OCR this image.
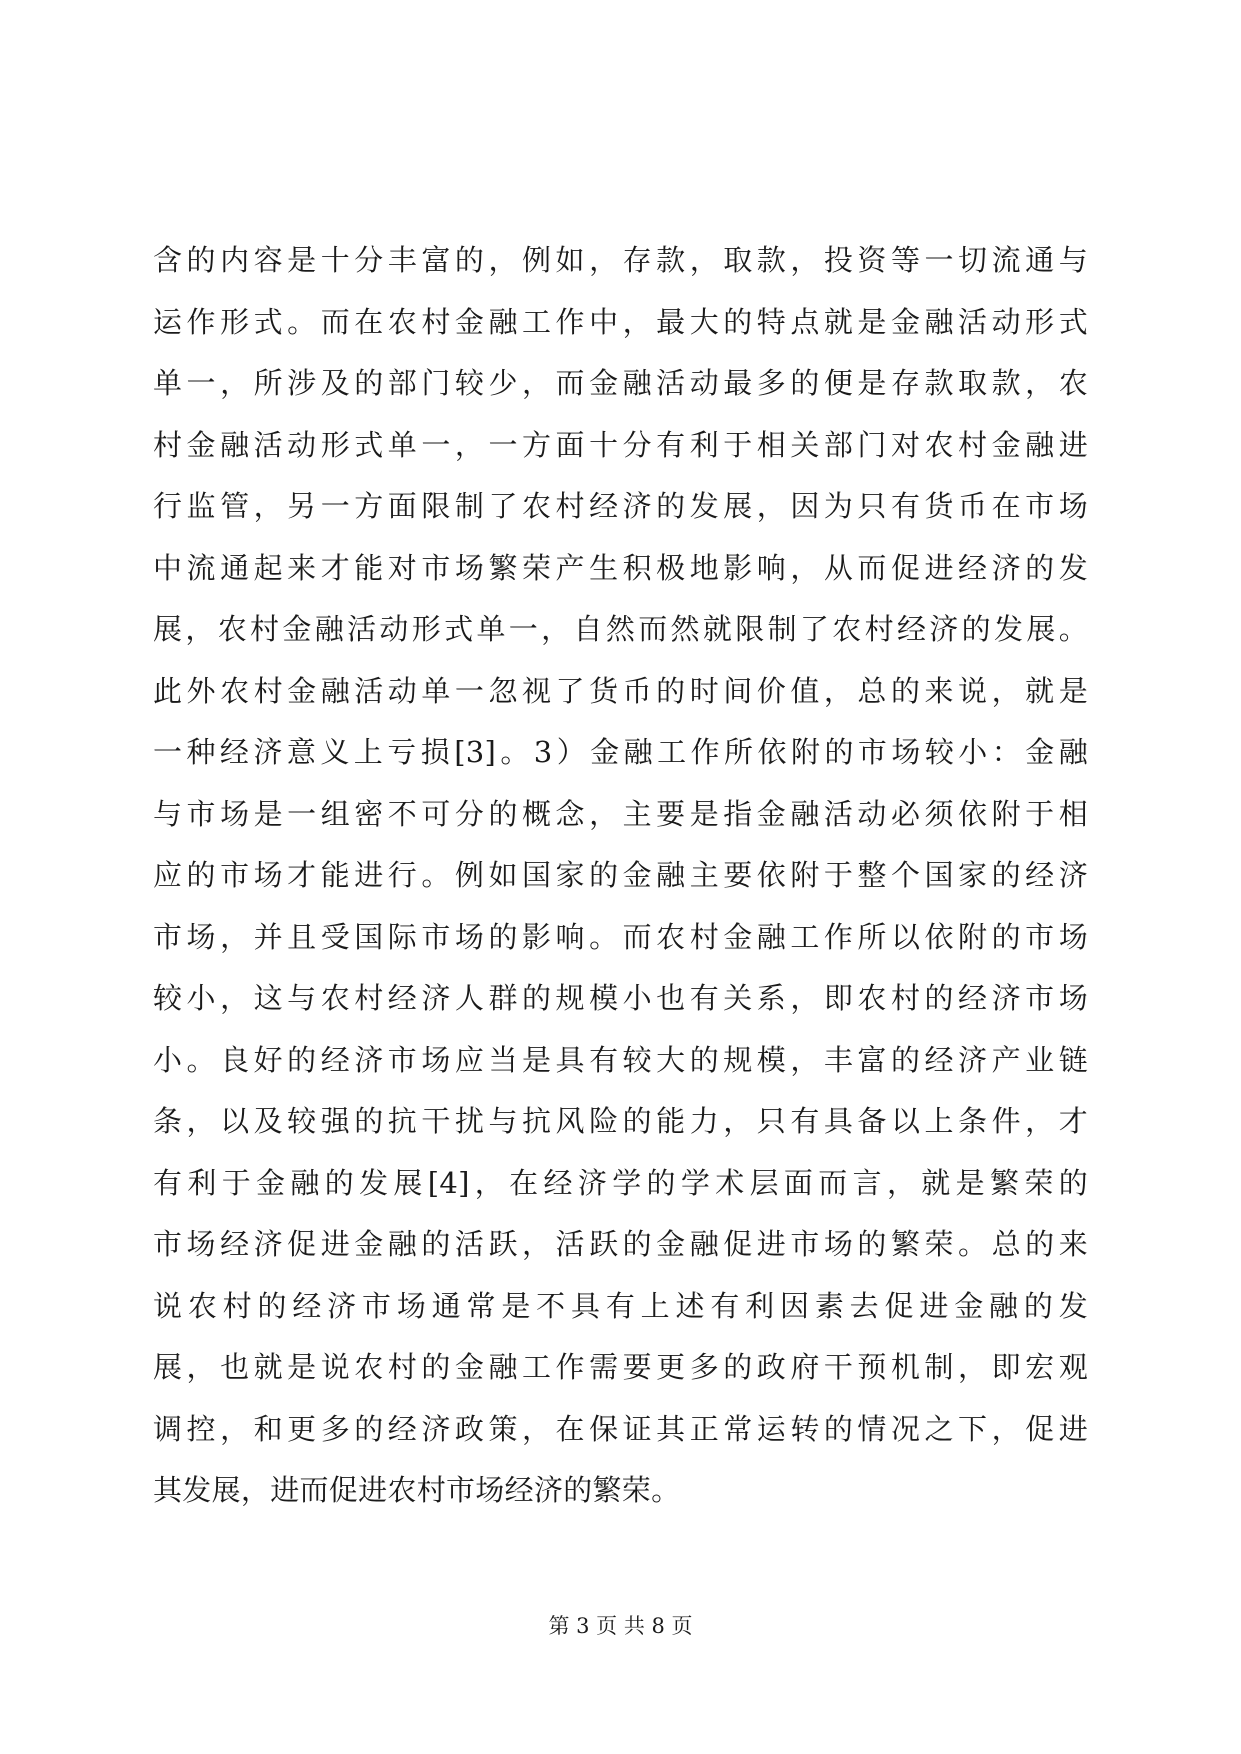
含的内容是十分丰富的，例如，存款，取款，投资等一切流通与
运作形式。而在农村金融工作中，最大的特点就是金融活动形式
单一，所涉及的部门较少，而金融活动最多的便是存款取款，农
村金融活动形式单一，一方面十分有利于相关部门对农村金融进
行监管，另一方面限制了农村经济的发展，因为只有货币在市场
中流通起来才能对市场繁荣产生积极地影响，从而促进经济的发
展，农村金融活动形式单一，自然而然就限制了农村经济的发展。
此外农村金融活动单一忽视了货币的时间价值，总的来说，就是
一种经济意义上亏损[3]。3）金融工作所依附的市场较小：金融
与市场是一组密不可分的概念，主要是指金融活动必须依附于相
应的市场才能进行。例如国家的金融主要依附于整个国家的经济
市场，并且受国际市场的影响。而农村金融工作所以依附的市场
较小，这与农村经济人群的规模小也有关系，即农村的经济市场
小。良好的经济市场应当是具有较大的规模，丰富的经济产业链
条，以及较强的抗干扰与抗风险的能力，只有具备以上条件，才
有利于金融的发展[4]，在经济学的学术层面而言，就是繁荣的
市场经济促进金融的活跃，活跃的金融促进市场的繁荣。总的来
说农村的经济市场通常是不具有上述有利因素去促进金融的发
展，也就是说农村的金融工作需要更多的政府干预机制，即宏观
调控，和更多的经济政策，在保证其正常运转的情况之下，促进
其发展，进而促进农村市场经济的繁荣。
第 3 页 共 8 页
